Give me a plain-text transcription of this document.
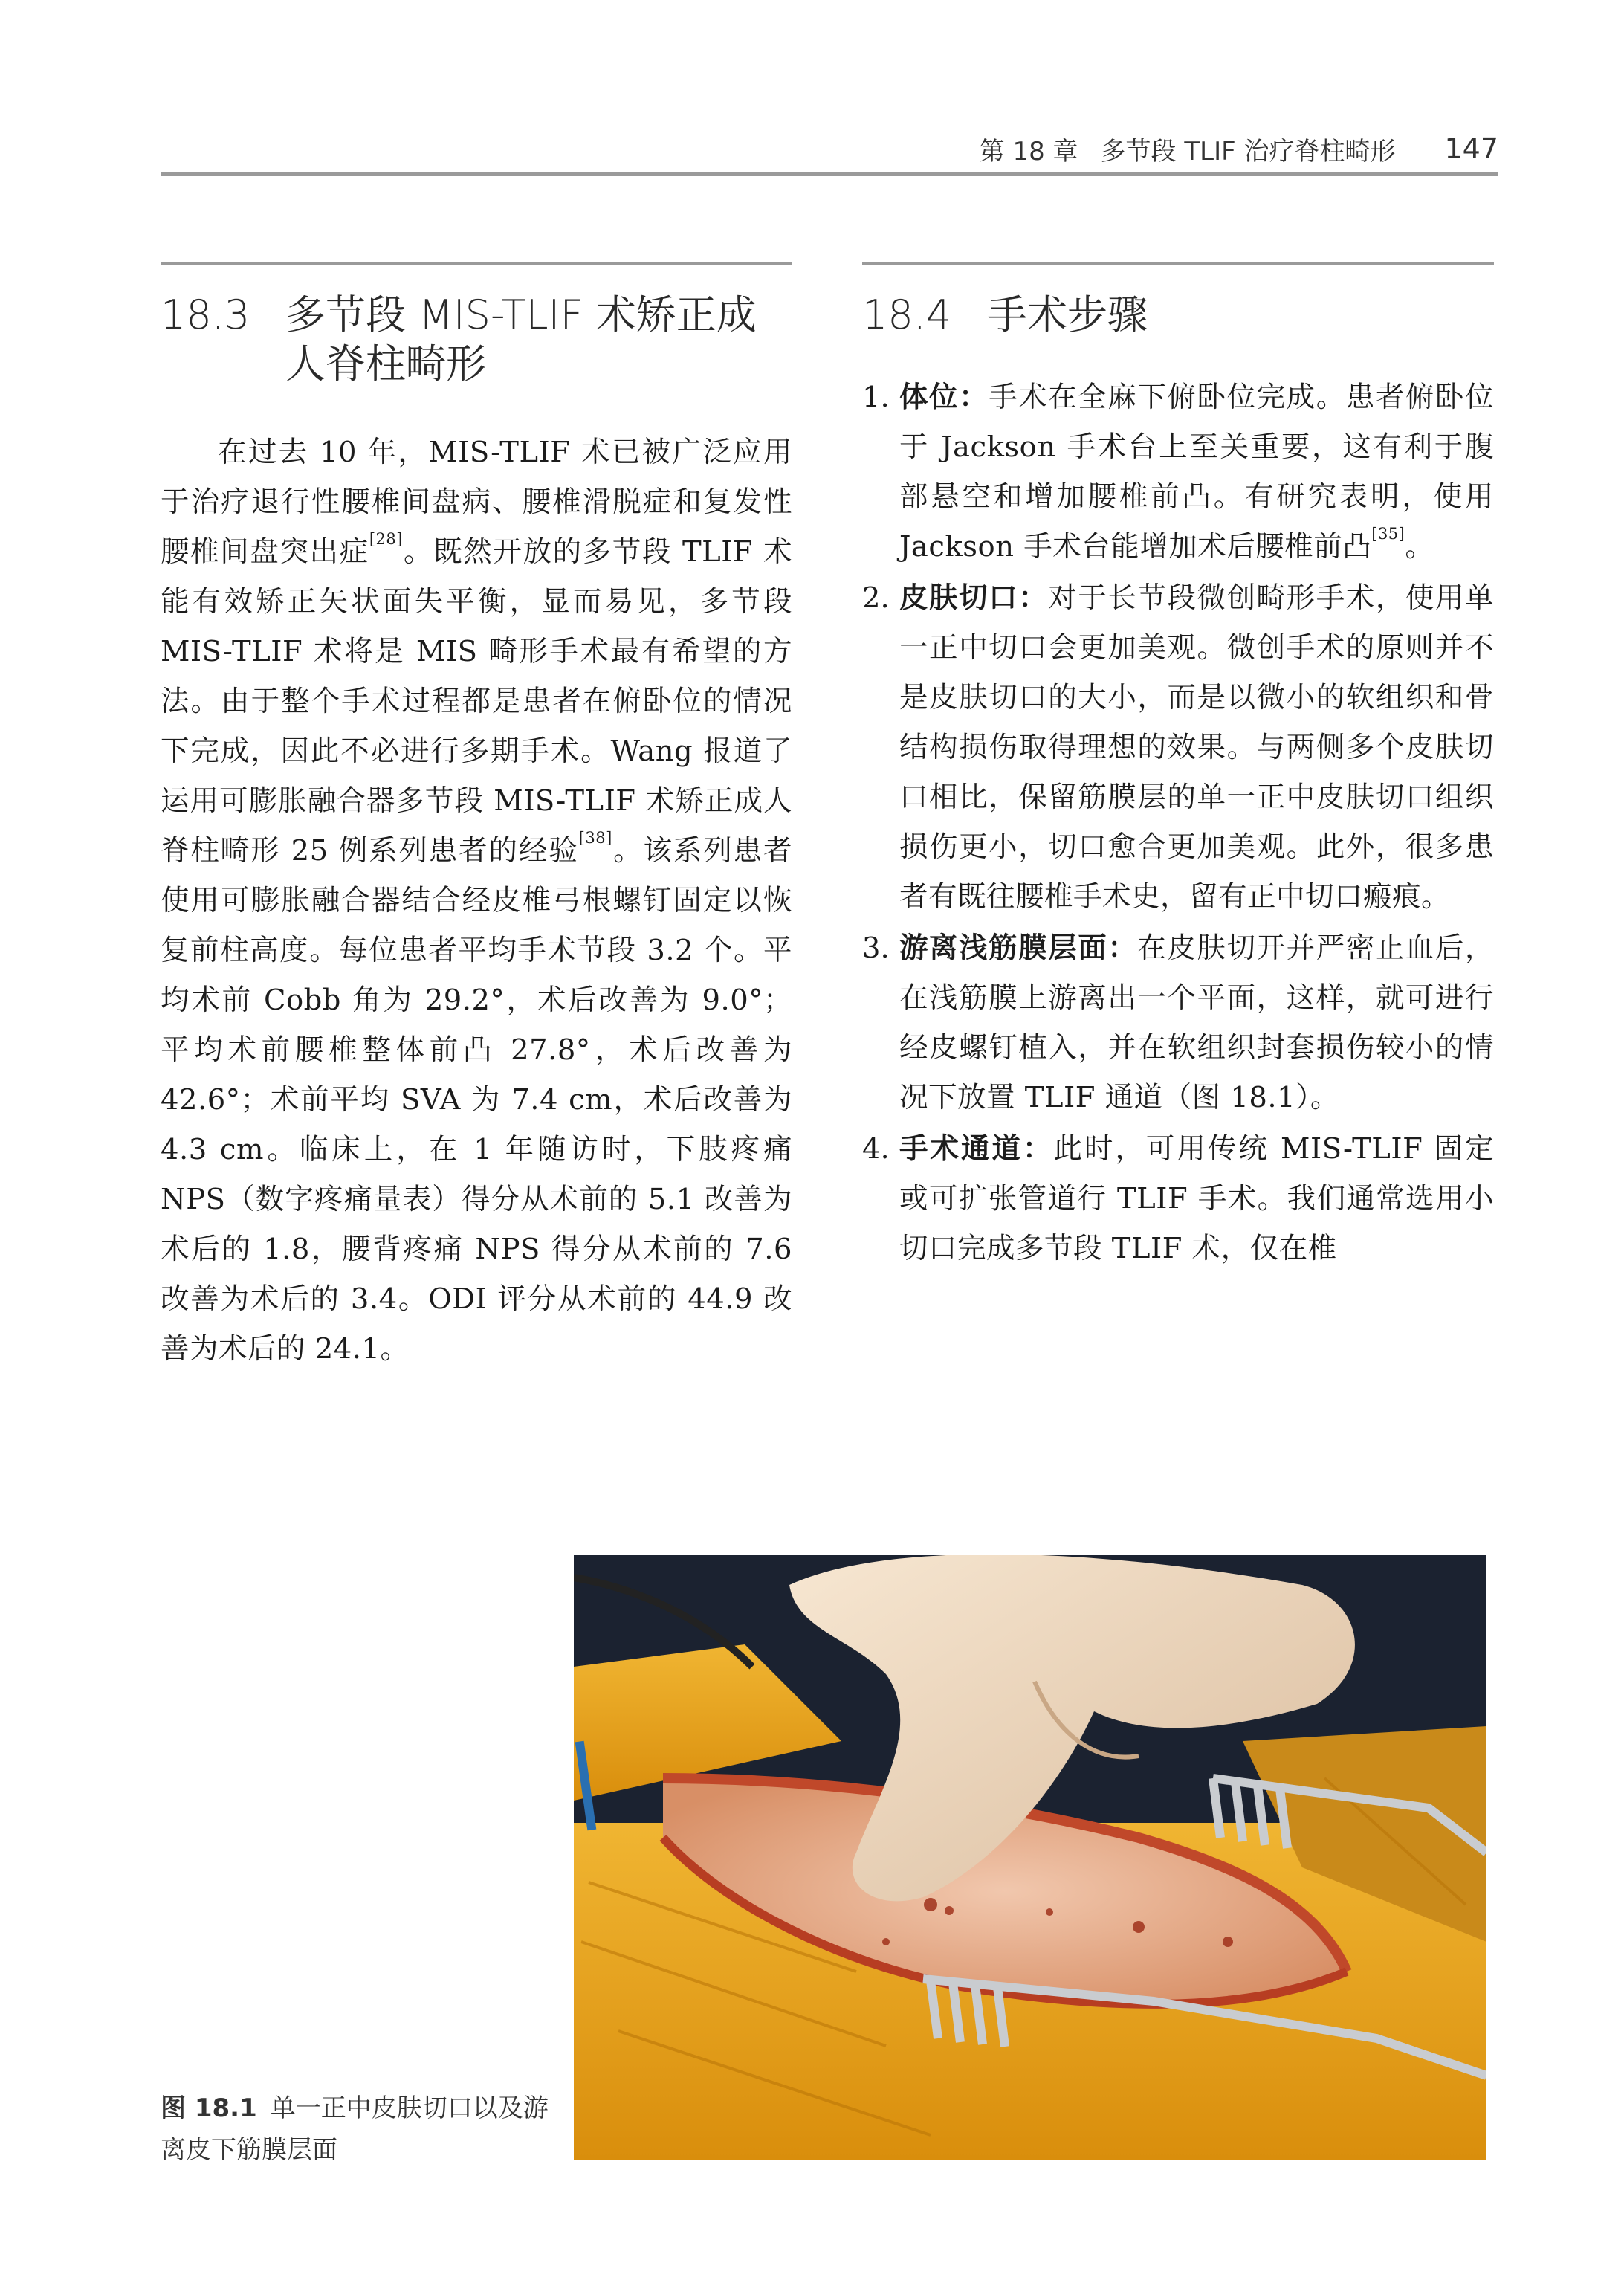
第 18 章 多节段 TLIF 治疗脊柱畸形 147
18.3 多节段 MIS-TLIF 术矫正成人脊柱畸形

在过去 10 年，MIS-TLIF 术已被广泛应用于治疗退行性腰椎间盘病、腰椎滑脱症和复发性腰椎间盘突出症[28]。既然开放的多节段 TLIF 术能有效矫正矢状面失平衡，显而易见，多节段 MIS-TLIF 术将是 MIS 畸形手术最有希望的方法。由于整个手术过程都是患者在俯卧位的情况下完成，因此不必进行多期手术。Wang 报道了运用可膨胀融合器多节段 MIS-TLIF 术矫正成人脊柱畸形 25 例系列患者的经验[38]。该系列患者使用可膨胀融合器结合经皮椎弓根螺钉固定以恢复前柱高度。每位患者平均手术节段 3.2 个。平均术前 Cobb 角为 29.2°，术后改善为 9.0°；平均术前腰椎整体前凸 27.8°，术后改善为 42.6°；术前平均 SVA 为 7.4 cm，术后改善为 4.3 cm。临床上，在 1 年随访时，下肢疼痛 NPS（数字疼痛量表）得分从术前的 5.1 改善为术后的 1.8，腰背疼痛 NPS 得分从术前的 7.6 改善为术后的 3.4。ODI 评分从术前的 44.9 改善为术后的 24.1。

18.4 手术步骤
1. 体位：手术在全麻下俯卧位完成。患者俯卧位于 Jackson 手术台上至关重要，这有利于腹部悬空和增加腰椎前凸。有研究表明，使用 Jackson 手术台能增加术后腰椎前凸[35]。
2. 皮肤切口：对于长节段微创畸形手术，使用单一正中切口会更加美观。微创手术的原则并不是皮肤切口的大小，而是以微小的软组织和骨结构损伤取得理想的效果。与两侧多个皮肤切口相比，保留筋膜层的单一正中皮肤切口组织损伤更小，切口愈合更加美观。此外，很多患者有既往腰椎手术史，留有正中切口瘢痕。
3. 游离浅筋膜层面：在皮肤切开并严密止血后，在浅筋膜上游离出一个平面，这样，就可进行经皮螺钉植入，并在软组织封套损伤较小的情况下放置 TLIF 通道（图 18.1）。
4. 手术通道：此时，可用传统 MIS-TLIF 固定或可扩张管道行 TLIF 手术。我们通常选用小切口完成多节段 TLIF 术，仅在椎
图 18.1 单一正中皮肤切口以及游离皮下筋膜层面
